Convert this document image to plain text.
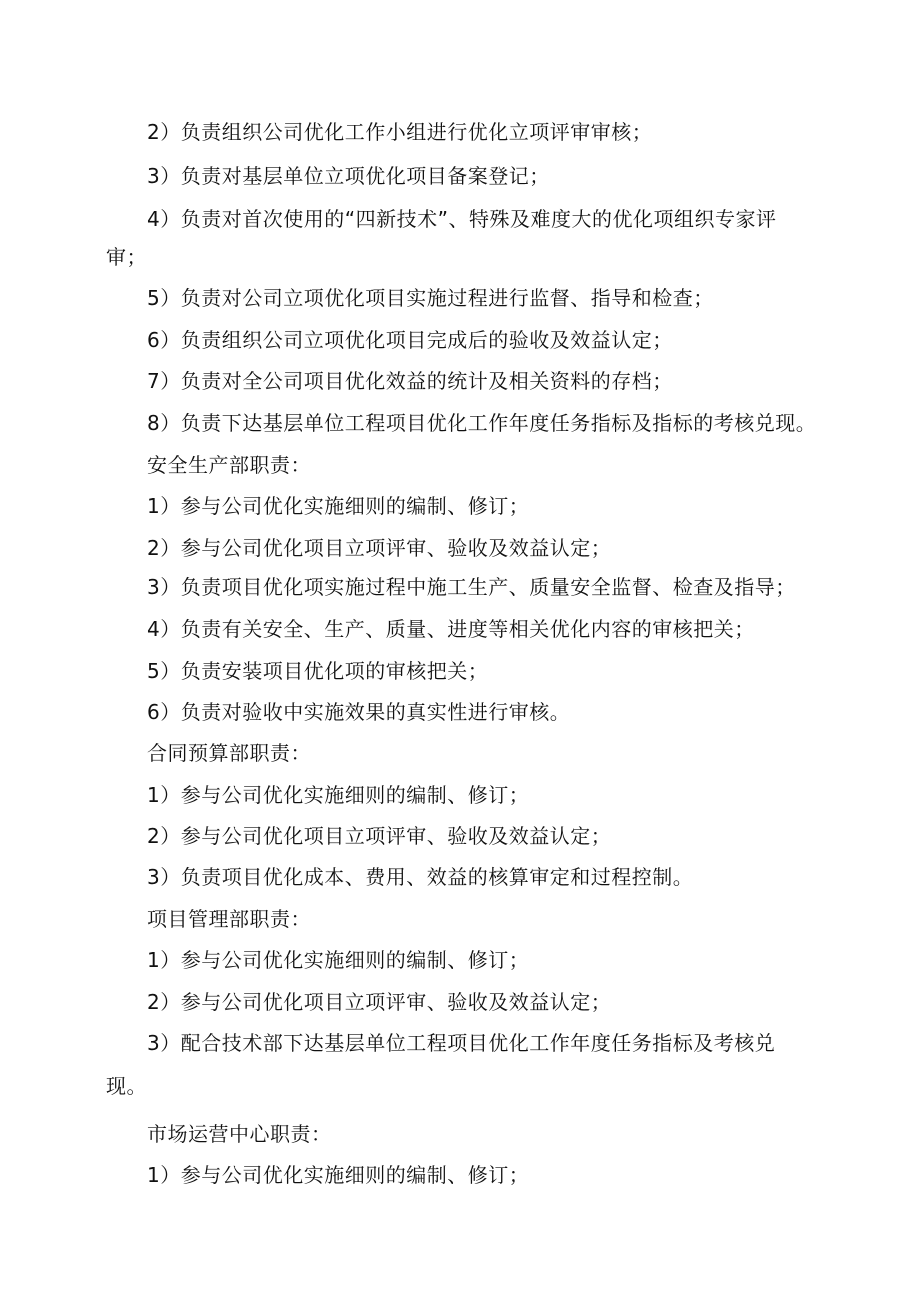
2）负责组织公司优化工作小组进行优化立项评审审核；
3）负责对基层单位立项优化项目备案登记；
4）负责对首次使用的“四新技术”、特殊及难度大的优化项组织专家评
审；
5）负责对公司立项优化项目实施过程进行监督、指导和检查；
6）负责组织公司立项优化项目完成后的验收及效益认定；
7）负责对全公司项目优化效益的统计及相关资料的存档；
8）负责下达基层单位工程项目优化工作年度任务指标及指标的考核兑现。
安全生产部职责：
1）参与公司优化实施细则的编制、修订；
2）参与公司优化项目立项评审、验收及效益认定；
3）负责项目优化项实施过程中施工生产、质量安全监督、检查及指导；
4）负责有关安全、生产、质量、进度等相关优化内容的审核把关；
5）负责安装项目优化项的审核把关；
6）负责对验收中实施效果的真实性进行审核。
合同预算部职责：
1）参与公司优化实施细则的编制、修订；
2）参与公司优化项目立项评审、验收及效益认定；
3）负责项目优化成本、费用、效益的核算审定和过程控制。
项目管理部职责：
1）参与公司优化实施细则的编制、修订；
2）参与公司优化项目立项评审、验收及效益认定；
3）配合技术部下达基层单位工程项目优化工作年度任务指标及考核兑
现。
市场运营中心职责：
1）参与公司优化实施细则的编制、修订；
